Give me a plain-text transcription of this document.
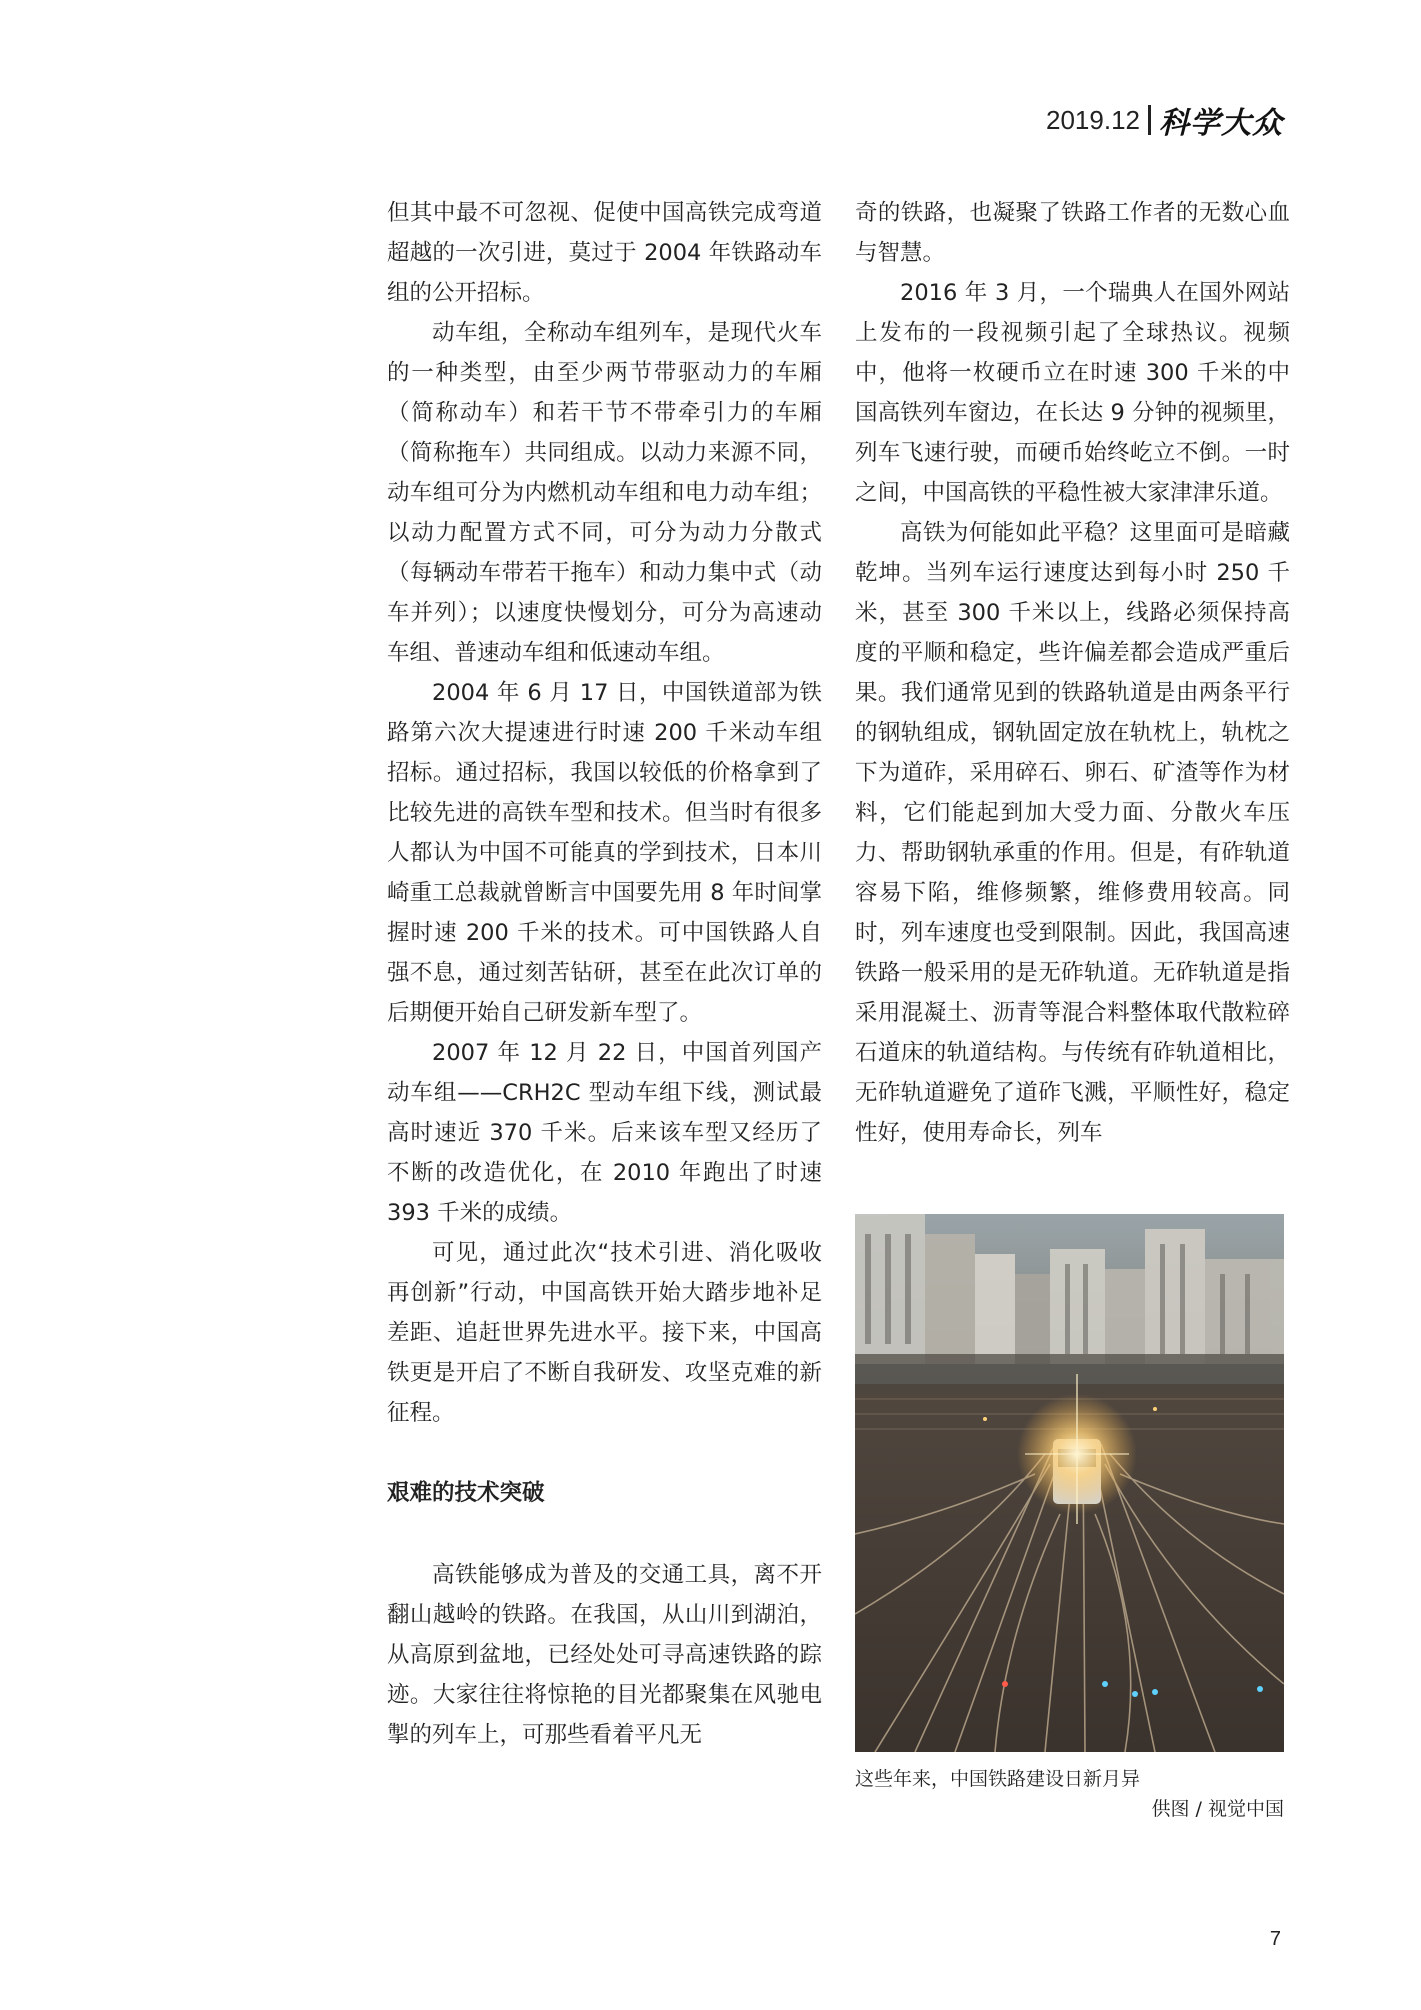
2019.12 科学大众

但其中最不可忽视、促使中国高铁完成弯道超越的一次引进，莫过于 2004 年铁路动车组的公开招标。

动车组，全称动车组列车，是现代火车的一种类型，由至少两节带驱动力的车厢（简称动车）和若干节不带牵引力的车厢（简称拖车）共同组成。以动力来源不同，动车组可分为内燃机动车组和电力动车组；以动力配置方式不同，可分为动力分散式（每辆动车带若干拖车）和动力集中式（动车并列）；以速度快慢划分，可分为高速动车组、普速动车组和低速动车组。

2004 年 6 月 17 日，中国铁道部为铁路第六次大提速进行时速 200 千米动车组招标。通过招标，我国以较低的价格拿到了比较先进的高铁车型和技术。但当时有很多人都认为中国不可能真的学到技术，日本川崎重工总裁就曾断言中国要先用 8 年时间掌握时速 200 千米的技术。可中国铁路人自强不息，通过刻苦钻研，甚至在此次订单的后期便开始自己研发新车型了。

2007 年 12 月 22 日，中国首列国产动车组——CRH2C 型动车组下线，测试最高时速近 370 千米。后来该车型又经历了不断的改造优化，在 2010 年跑出了时速 393 千米的成绩。

可见，通过此次“技术引进、消化吸收再创新”行动，中国高铁开始大踏步地补足差距、追赶世界先进水平。接下来，中国高铁更是开启了不断自我研发、攻坚克难的新征程。

艰难的技术突破

高铁能够成为普及的交通工具，离不开翻山越岭的铁路。在我国，从山川到湖泊，从高原到盆地，已经处处可寻高速铁路的踪迹。大家往往将惊艳的目光都聚集在风驰电掣的列车上，可那些看着平凡无

奇的铁路，也凝聚了铁路工作者的无数心血与智慧。

2016 年 3 月，一个瑞典人在国外网站上发布的一段视频引起了全球热议。视频中，他将一枚硬币立在时速 300 千米的中国高铁列车窗边，在长达 9 分钟的视频里，列车飞速行驶，而硬币始终屹立不倒。一时之间，中国高铁的平稳性被大家津津乐道。

高铁为何能如此平稳？这里面可是暗藏乾坤。当列车运行速度达到每小时 250 千米，甚至 300 千米以上，线路必须保持高度的平顺和稳定，些许偏差都会造成严重后果。我们通常见到的铁路轨道是由两条平行的钢轨组成，钢轨固定放在轨枕上，轨枕之下为道砟，采用碎石、卵石、矿渣等作为材料，它们能起到加大受力面、分散火车压力、帮助钢轨承重的作用。但是，有砟轨道容易下陷，维修频繁，维修费用较高。同时，列车速度也受到限制。因此，我国高速铁路一般采用的是无砟轨道。无砟轨道是指采用混凝土、沥青等混合料整体取代散粒碎石道床的轨道结构。与传统有砟轨道相比，无砟轨道避免了道砟飞溅，平顺性好，稳定性好，使用寿命长，列车

这些年来，中国铁路建设日新月异
供图 / 视觉中国
7
